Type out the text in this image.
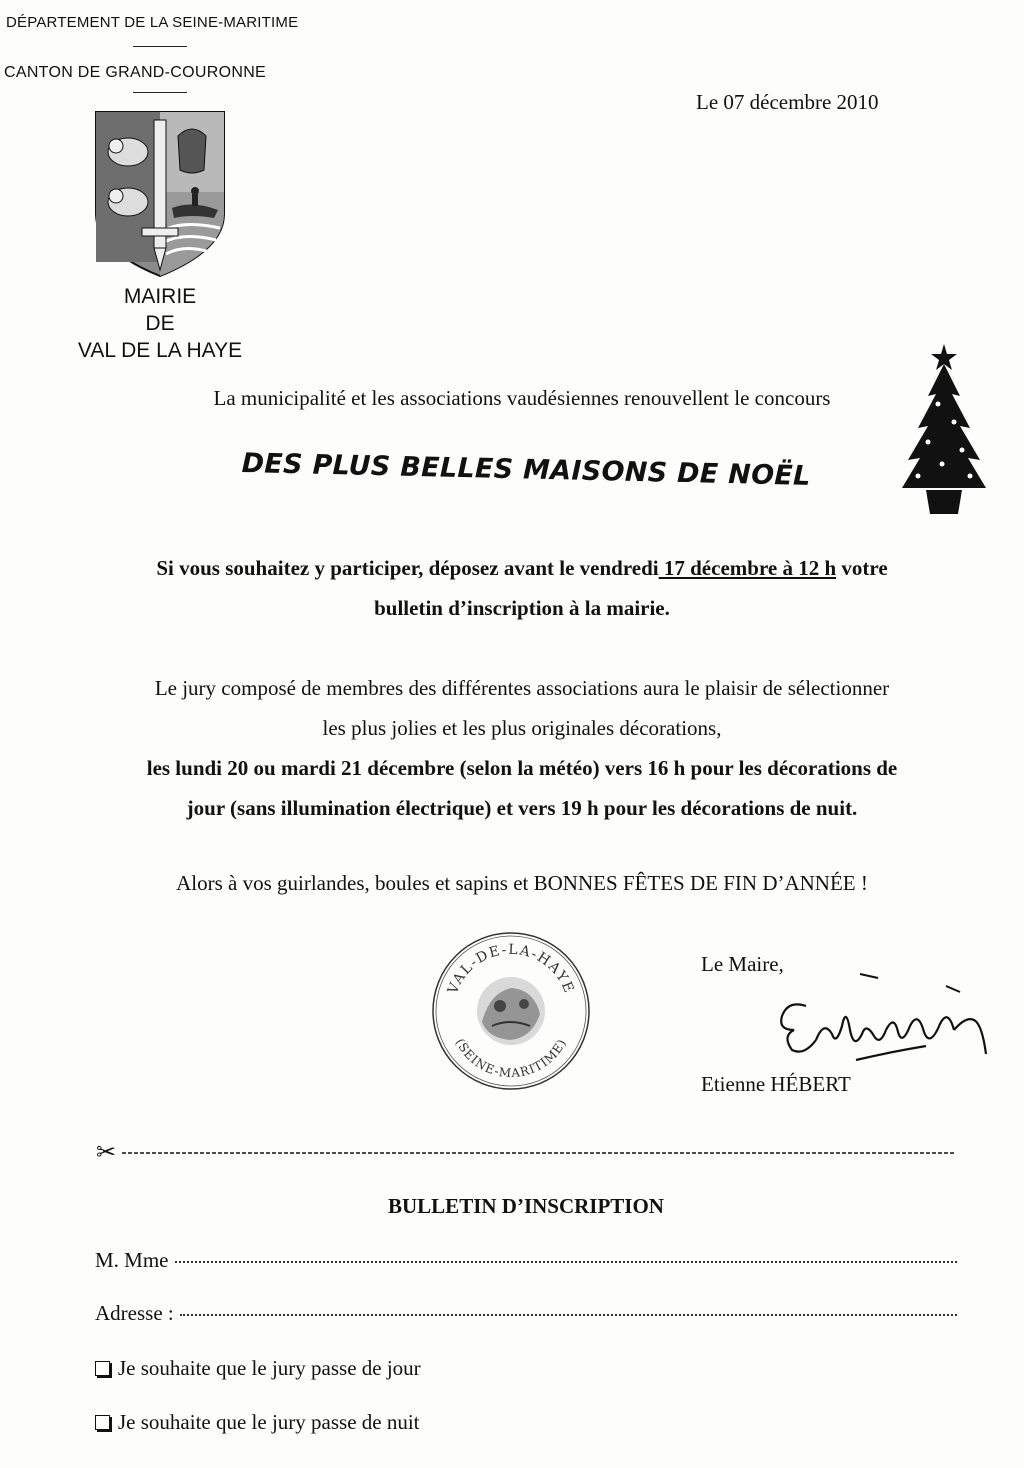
DÉPARTEMENT DE LA SEINE-MARITIME
CANTON DE GRAND-COURONNE
Le 07 décembre 2010
MAIRIE
DE
VAL DE LA HAYE
La municipalité et les associations vaudésiennes renouvellent le concours
DES PLUS BELLES MAISONS DE NOËL
Si vous souhaitez y participer, déposez avant le vendredi 17 décembre à 12 h votre
bulletin d’inscription à la mairie.
Le jury composé de membres des différentes associations aura le plaisir de sélectionner
les plus jolies et les plus originales décorations,
les lundi 20 ou mardi 21 décembre (selon la météo) vers 16 h pour les décorations de
jour (sans illumination électrique) et vers 19 h pour les décorations de nuit.
Alors à vos guirlandes, boules et sapins et BONNES FÊTES DE FIN D’ANNÉE !
VAL-DE-LA-HAYE
(SEINE-MARITIME)
Le Maire,
Etienne HÉBERT
✂
BULLETIN D’INSCRIPTION
M. Mme
Adresse :
Je souhaite que le jury passe de jour
Je souhaite que le jury passe de nuit
